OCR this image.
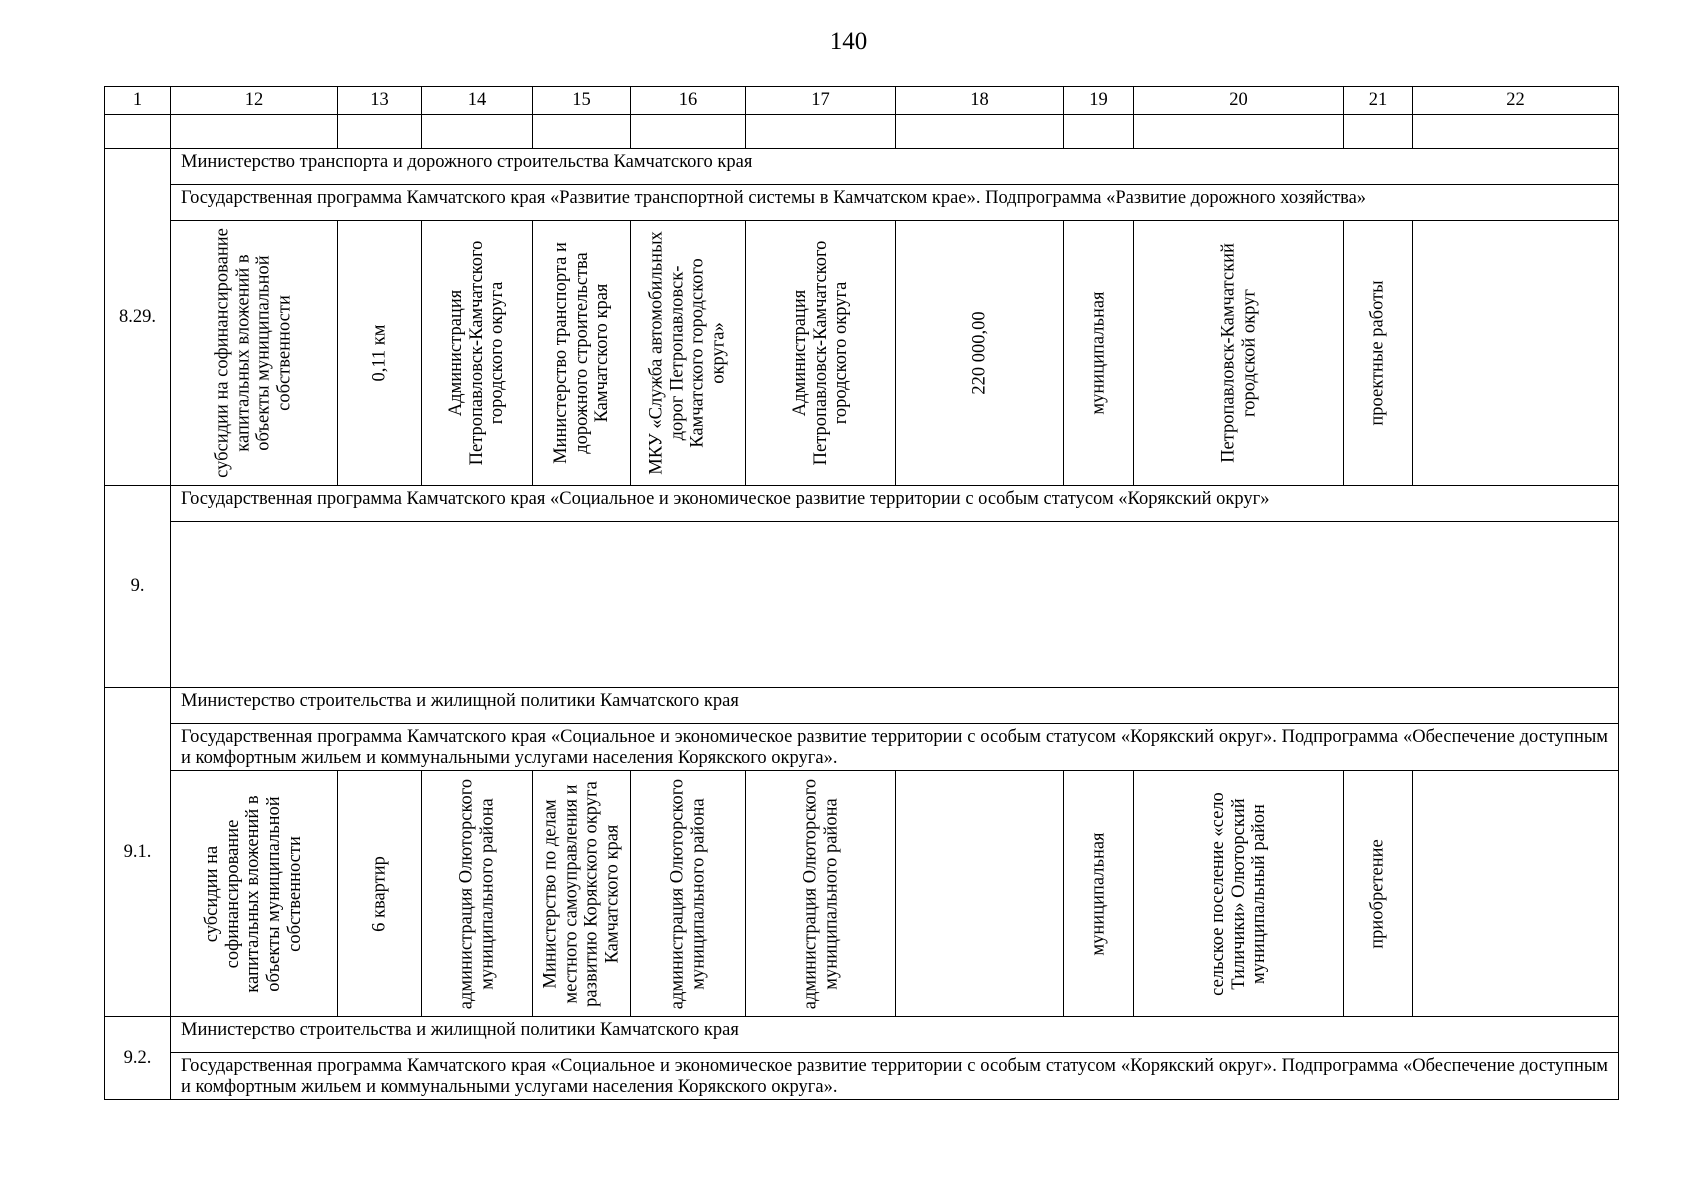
140
1	12	13	14	15	16	17	18	19	20	21	22

8.29.	Министерство транспорта и дорожного строительства Камчатского края										
	Государственная программа Камчатского края «Развитие транспортной системы в Камчатском крае». Подпрограмма «Развитие дорожного хозяйства»										

	субсидии на софинансирование капитальных вложений в объекты муниципальной собственности	0,11 км	Администрация Петропавловск-Камчатского городского округа	Министерство транспорта и дорожного строительства Камчатского края	МКУ «Служба автомобильных дорог Петропавловск-Камчатского городского округа»	Администрация Петропавловск-Камчатского городского округа	220 000,00	муниципальная	Петропавловск-Камчатский городской округ	проектные работы	

9.	Государственная программа Камчатского края «Социальное и экономическое развитие территории с особым статусом «Корякский округ»										

9.1.	Министерство строительства и жилищной политики Камчатского края										
	Государственная программа Камчатского края «Социальное и экономическое развитие территории с особым статусом «Корякский округ». Подпрограмма «Обеспечение доступным и комфортным жильем и коммунальными услугами населения Корякского округа».										

	субсидии на софинансирование капитальных вложений в объекты муниципальной собственности	6 квартир	администрация Олюторского муниципального района	Министерство по делам местного самоуправления и развитию Корякского округа Камчатского края	администрация Олюторского муниципального района	администрация Олюторского муниципального района		муниципальная	сельское поселение «село Тиличики» Олюторский муниципальный район	приобретение	

9.2.	Министерство строительства и жилищной политики Камчатского края										
	Государственная программа Камчатского края «Социальное и экономическое развитие территории с особым статусом «Корякский округ». Подпрограмма «Обеспечение доступным и комфортным жильем и коммунальными услугами населения Корякского округа».										
